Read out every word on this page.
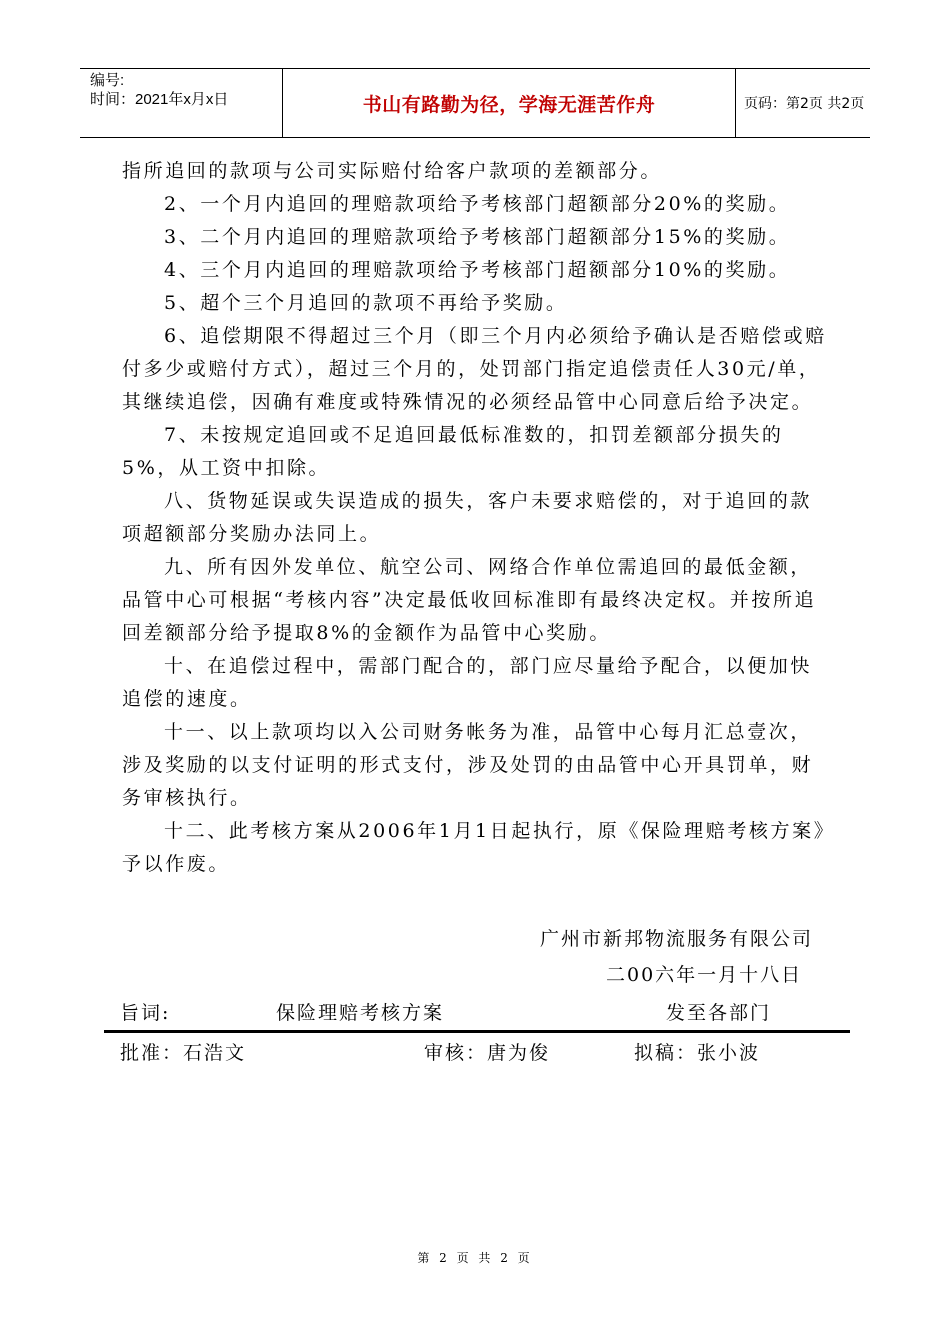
编号:
时间：2021年x月x日	书山有路勤为径，学海无涯苦作舟	页码：第2页 共2页

指所追回的款项与公司实际赔付给客户款项的差额部分。

2、一个月内追回的理赔款项给予考核部门超额部分20%的奖励。

3、二个月内追回的理赔款项给予考核部门超额部分15%的奖励。

4、三个月内追回的理赔款项给予考核部门超额部分10%的奖励。

5、超个三个月追回的款项不再给予奖励。

6、追偿期限不得超过三个月（即三个月内必须给予确认是否赔偿或赔付多少或赔付方式），超过三个月的，处罚部门指定追偿责任人30元/单，其继续追偿，因确有难度或特殊情况的必须经品管中心同意后给予决定。

7、未按规定追回或不足追回最低标准数的，扣罚差额部分损失的5%，从工资中扣除。

八、货物延误或失误造成的损失，客户未要求赔偿的，对于追回的款项超额部分奖励办法同上。

九、所有因外发单位、航空公司、网络合作单位需追回的最低金额，品管中心可根据“考核内容”决定最低收回标准即有最终决定权。并按所追回差额部分给予提取8%的金额作为品管中心奖励。

十、在追偿过程中，需部门配合的，部门应尽量给予配合，以便加快追偿的速度。

十一、以上款项均以入公司财务帐务为准，品管中心每月汇总壹次，涉及奖励的以支付证明的形式支付，涉及处罚的由品管中心开具罚单，财务审核执行。

十二、此考核方案从2006年1月1日起执行，原《保险理赔考核方案》予以作废。

广州市新邦物流服务有限公司
二00六年一月十八日
旨词:	保险理赔考核方案	发至各部门
批准：石浩文	审核：唐为俊	拟稿：张小波
第 2 页 共 2 页
